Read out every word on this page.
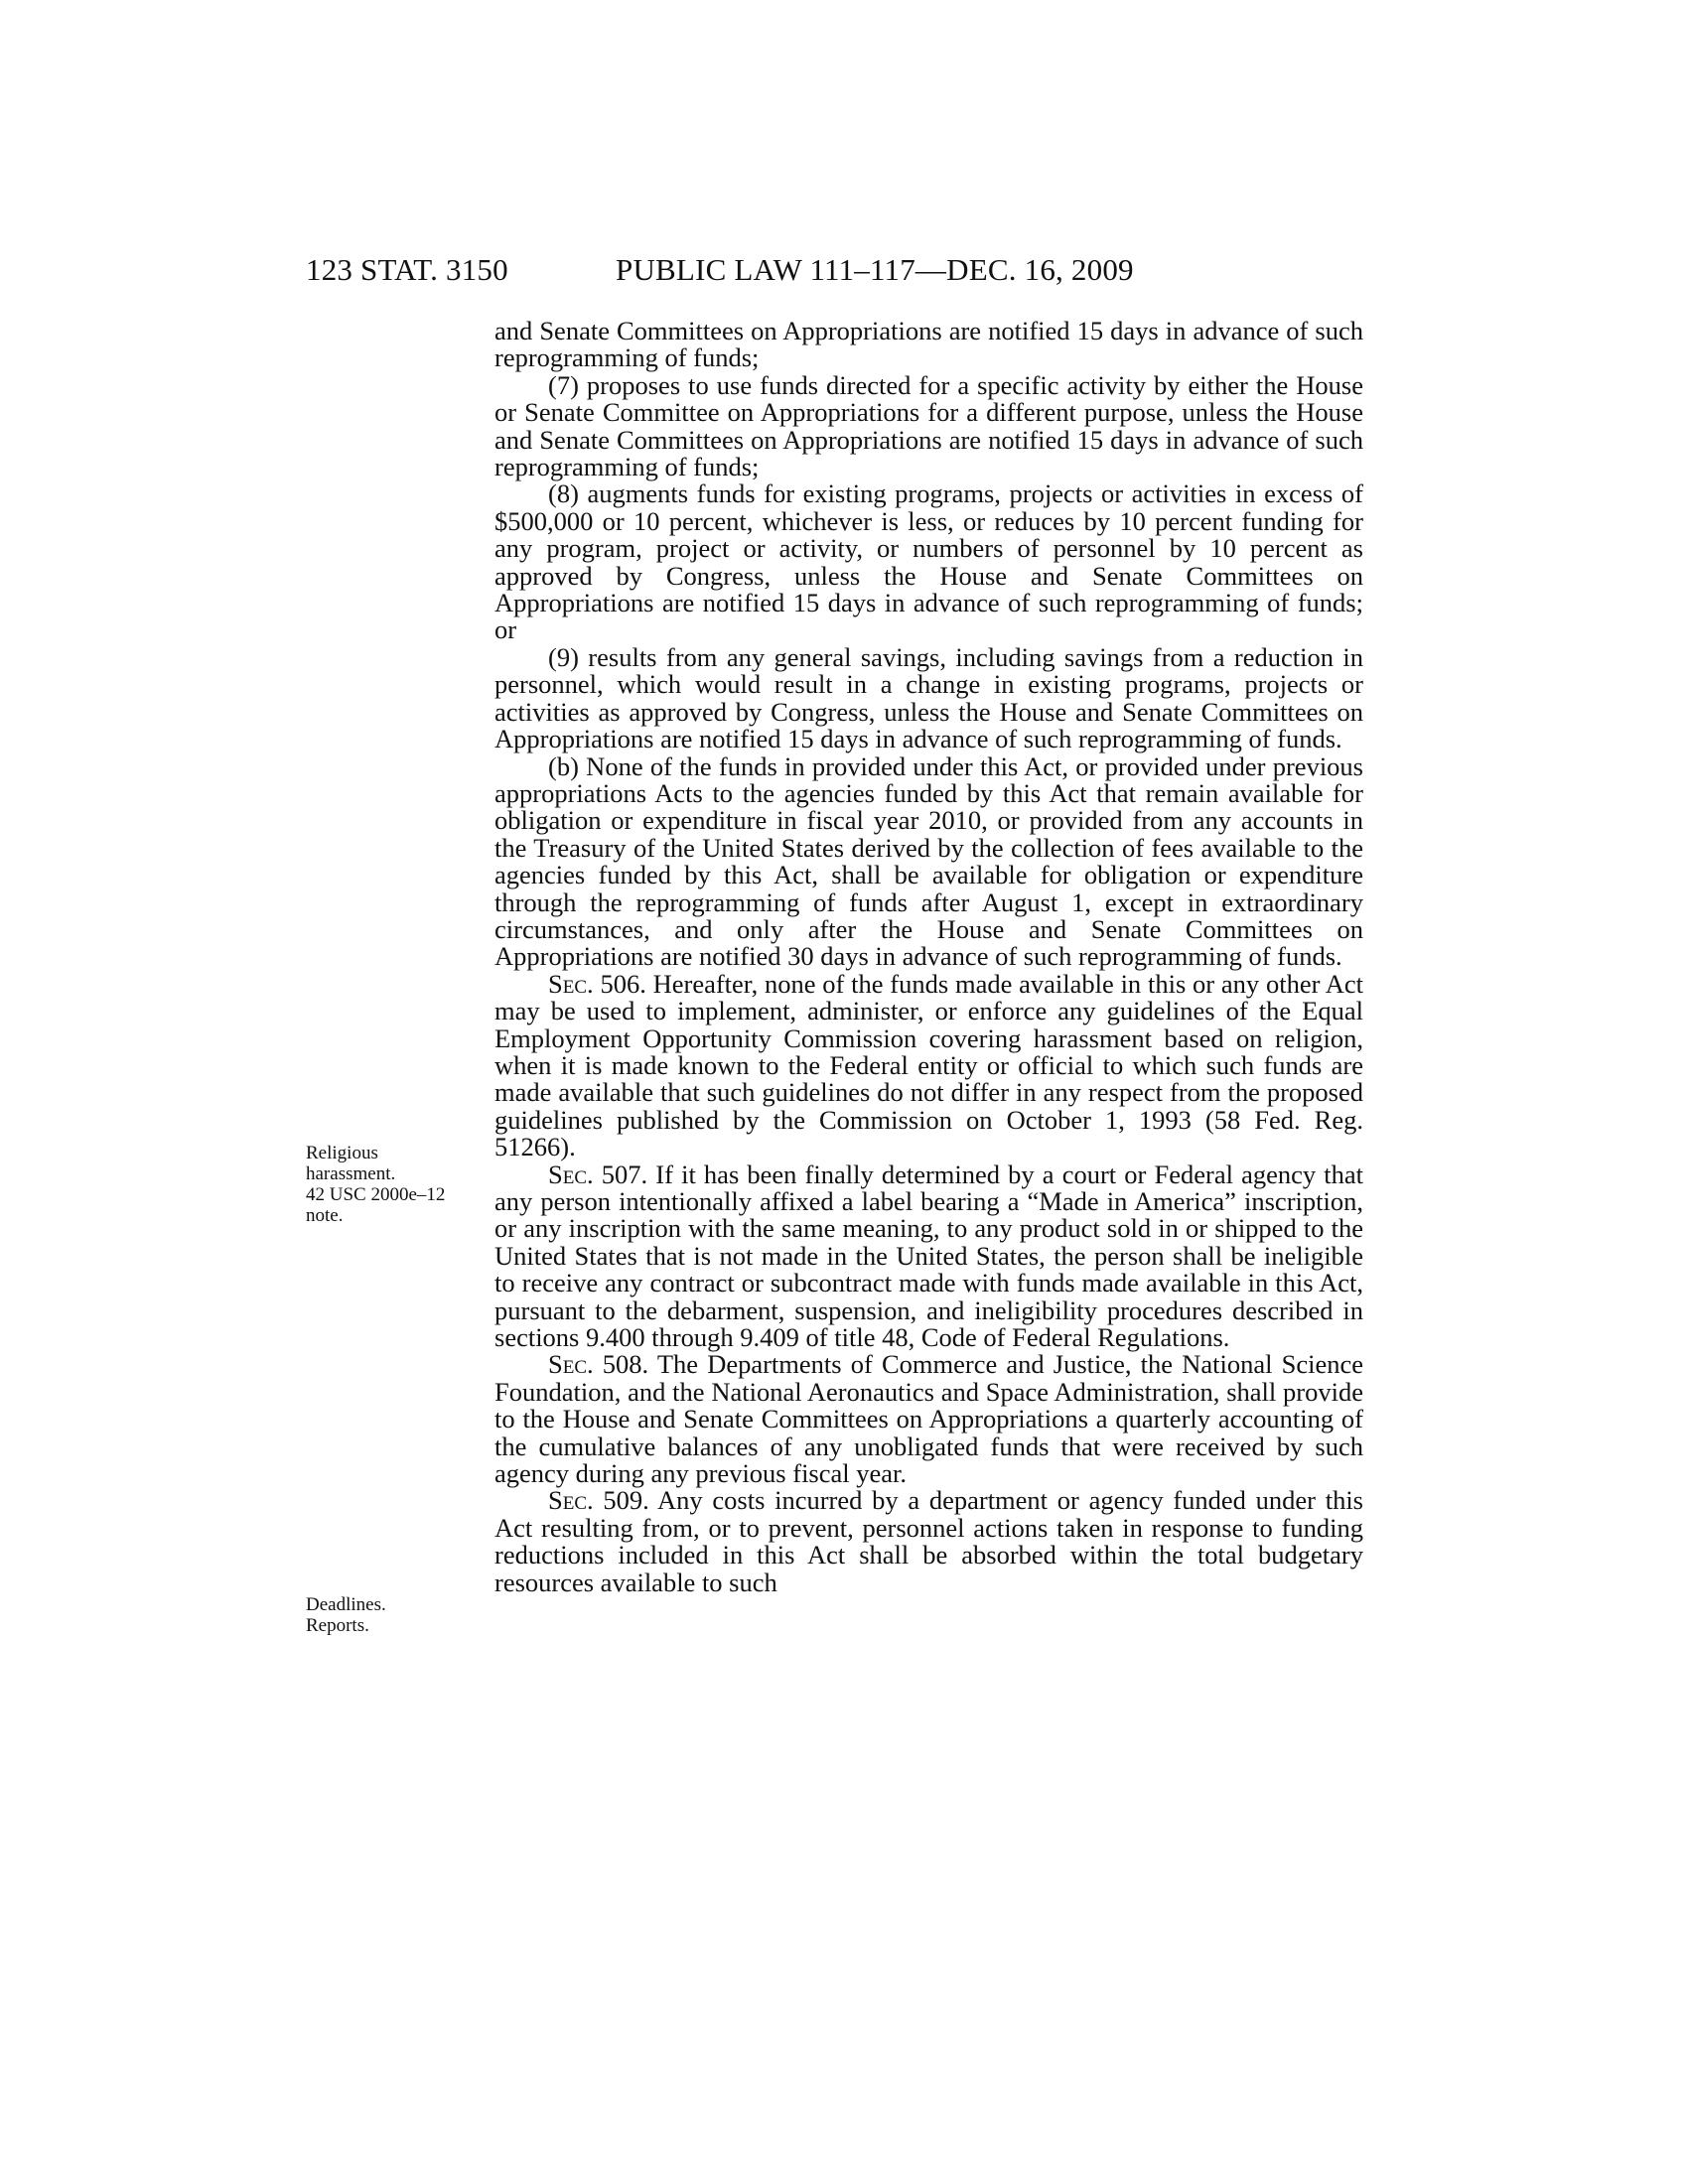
123 STAT. 3150	PUBLIC LAW 111–117—DEC. 16, 2009
Religious
harassment.
42 USC 2000e–12
note.
Deadlines.
Reports.

and Senate Committees on Appropriations are notified 15 days in advance of such reprogramming of funds;

(7) proposes to use funds directed for a specific activity by either the House or Senate Committee on Appropriations for a different purpose, unless the House and Senate Committees on Appropriations are notified 15 days in advance of such reprogramming of funds;

(8) augments funds for existing programs, projects or activities in excess of $500,000 or 10 percent, whichever is less, or reduces by 10 percent funding for any program, project or activity, or numbers of personnel by 10 percent as approved by Congress, unless the House and Senate Committees on Appropriations are notified 15 days in advance of such reprogramming of funds; or

(9) results from any general savings, including savings from a reduction in personnel, which would result in a change in existing programs, projects or activities as approved by Congress, unless the House and Senate Committees on Appropriations are notified 15 days in advance of such reprogramming of funds.

(b) None of the funds in provided under this Act, or provided under previous appropriations Acts to the agencies funded by this Act that remain available for obligation or expenditure in fiscal year 2010, or provided from any accounts in the Treasury of the United States derived by the collection of fees available to the agencies funded by this Act, shall be available for obligation or expenditure through the reprogramming of funds after August 1, except in extraordinary circumstances, and only after the House and Senate Committees on Appropriations are notified 30 days in advance of such reprogramming of funds.

Sec. 506. Hereafter, none of the funds made available in this or any other Act may be used to implement, administer, or enforce any guidelines of the Equal Employment Opportunity Commission covering harassment based on religion, when it is made known to the Federal entity or official to which such funds are made available that such guidelines do not differ in any respect from the proposed guidelines published by the Commission on October 1, 1993 (58 Fed. Reg. 51266).

Sec. 507. If it has been finally determined by a court or Federal agency that any person intentionally affixed a label bearing a “Made in America” inscription, or any inscription with the same meaning, to any product sold in or shipped to the United States that is not made in the United States, the person shall be ineligible to receive any contract or subcontract made with funds made available in this Act, pursuant to the debarment, suspension, and ineligibility procedures described in sections 9.400 through 9.409 of title 48, Code of Federal Regulations.

Sec. 508. The Departments of Commerce and Justice, the National Science Foundation, and the National Aeronautics and Space Administration, shall provide to the House and Senate Committees on Appropriations a quarterly accounting of the cumulative balances of any unobligated funds that were received by such agency during any previous fiscal year.

Sec. 509. Any costs incurred by a department or agency funded under this Act resulting from, or to prevent, personnel actions taken in response to funding reductions included in this Act shall be absorbed within the total budgetary resources available to such
